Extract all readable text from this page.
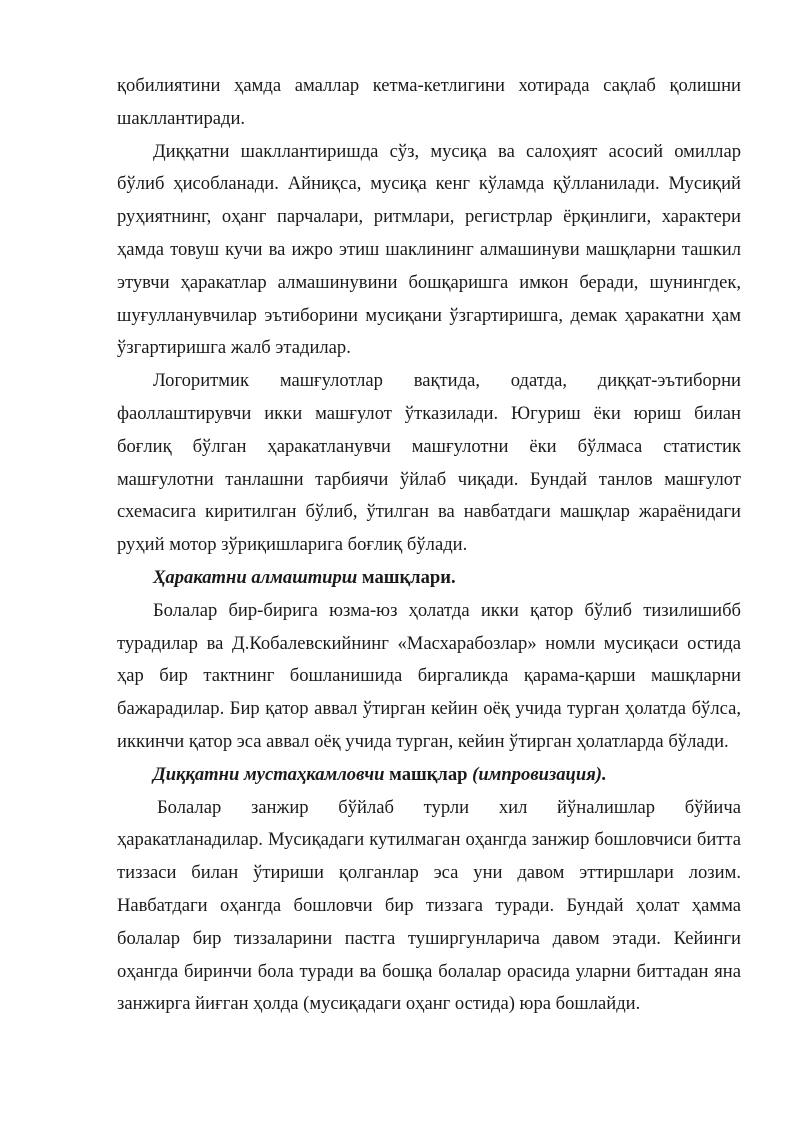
қобилиятини ҳамда амаллар кетма-кетлигини хотирада сақлаб қолишни шакллантиради.

Диққатни шакллантиришда сўз, мусиқа ва салоҳият асосий омиллар бўлиб ҳисобланади. Айниқса, мусиқа кенг кўламда қўлланилади. Мусиқий руҳиятнинг, оҳанг парчалари, ритмлари, регистрлар ёрқинлиги, характери ҳамда товуш кучи ва ижро этиш шаклининг алмашинуви машқларни ташкил этувчи ҳаракатлар алмашинувини бошқаришга имкон беради, шунингдек, шуғулланувчилар эътиборини мусиқани ўзгартиришга, демак ҳаракатни ҳам ўзгартиришга жалб этадилар.

Логоритмик машғулотлар вақтида, одатда, диққат-эътиборни фаоллаштирувчи икки машғулот ўтказилади. Югуриш ёки юриш билан боғлиқ бўлган ҳаракатланувчи машғулотни ёки бўлмаса статистик машғулотни танлашни тарбиячи ўйлаб чиқади. Бундай танлов машғулот схемасига киритилган бўлиб, ўтилган ва навбатдаги машқлар жараёнидаги руҳий мотор зўриқишларига боғлиқ бўлади.

Ҳаракатни алмаштирш машқлари.

Болалар бир-бирига юзма-юз ҳолатда икки қатор бўлиб тизилишибб турадилар ва Д.Кобалевскийнинг «Масхарабозлар» номли мусиқаси остида ҳар бир тактнинг бошланишида биргаликда қарама-қарши машқларни бажарадилар. Бир қатор аввал ўтирган кейин оёқ учида турган ҳолатда бўлса, иккинчи қатор эса аввал оёқ учида турган, кейин ўтирган ҳолатларда бўлади.

Диққатни мустаҳкамловчи машқлар (импровизация).

Болалар занжир бўйлаб турли хил йўналишлар бўйича ҳаракатланадилар. Мусиқадаги кутилмаган оҳангда занжир бошловчиси битта тиззаси билан ўтириши қолганлар эса уни давом эттиршлари лозим. Навбатдаги оҳангда бошловчи бир тиззага туради. Бундай ҳолат ҳамма болалар бир тиззаларини пастга туширгунларича давом этади. Кейинги оҳангда биринчи бола туради ва бошқа болалар орасида уларни биттадан яна занжирга йиғган ҳолда (мусиқадаги оҳанг остида) юра бошлайди.
